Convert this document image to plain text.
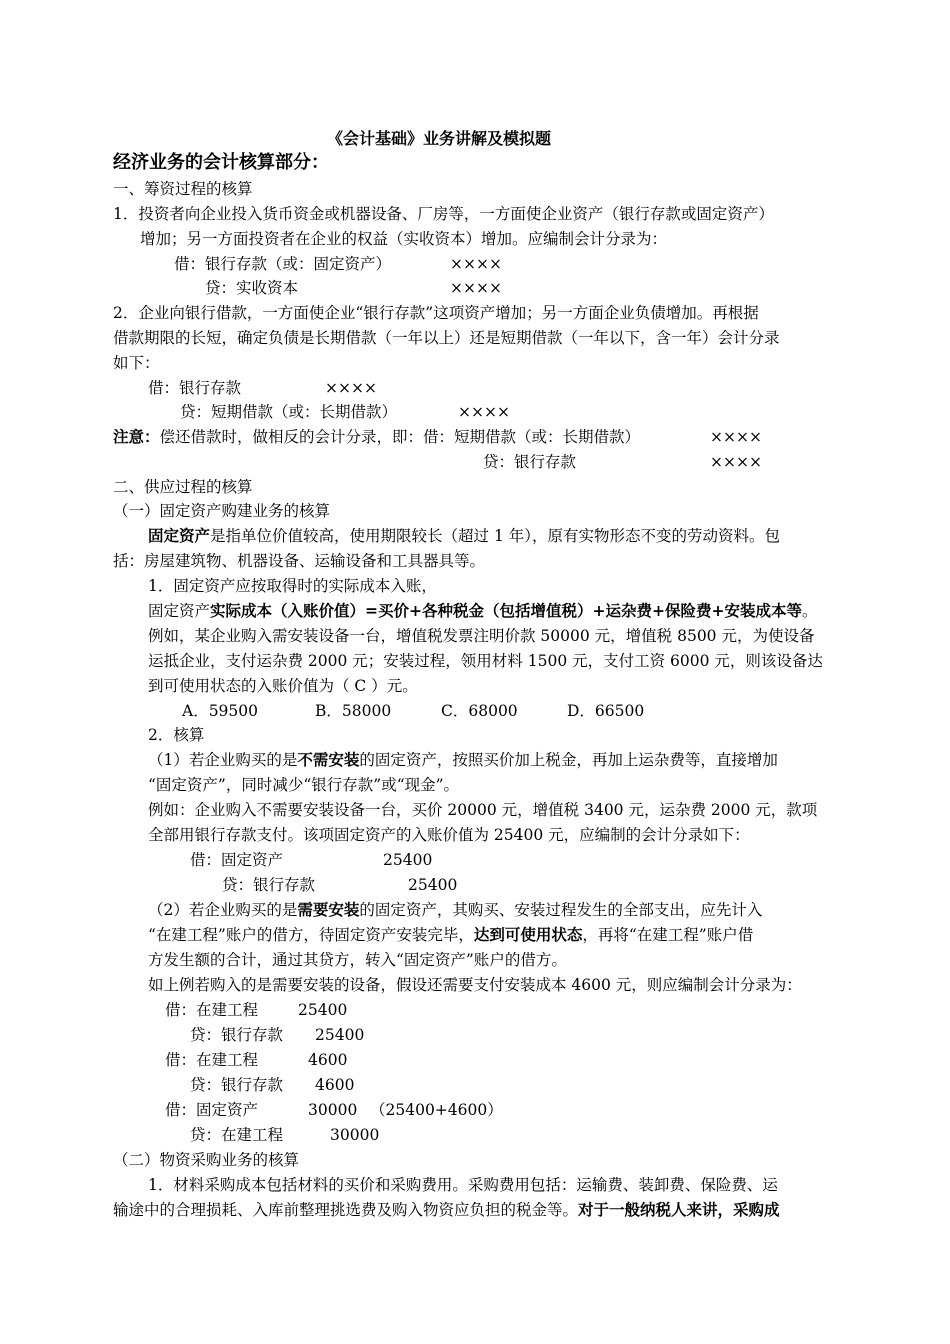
《会计基础》业务讲解及模拟题
经济业务的会计核算部分：
一、筹资过程的核算
1．投资者向企业投入货币资金或机器设备、厂房等，一方面使企业资产（银行存款或固定资产）
增加；另一方面投资者在企业的权益（实收资本）增加。应编制会计分录为：
借：银行存款（或：固定资产）	××××
贷：实收资本	××××
2．企业向银行借款，一方面使企业“银行存款”这项资产增加；另一方面企业负债增加。再根据
借款期限的长短，确定负债是长期借款（一年以上）还是短期借款（一年以下，含一年）会计分录
如下：
借：银行存款	××××
贷：短期借款（或：长期借款）	××××
注意：偿还借款时，做相反的会计分录，即：借：短期借款（或：长期借款）	××××
贷：银行存款	××××
二、供应过程的核算
（一）固定资产购建业务的核算
固定资产是指单位价值较高，使用期限较长（超过 1 年），原有实物形态不变的劳动资料。包
括：房屋建筑物、机器设备、运输设备和工具器具等。
1．固定资产应按取得时的实际成本入账，
固定资产实际成本（入账价值）=买价+各种税金（包括增值税）+运杂费+保险费+安装成本等。
例如，某企业购入需安装设备一台，增值税发票注明价款 50000 元，增值税 8500 元，为使设备
运抵企业，支付运杂费 2000 元；安装过程，领用材料 1500 元，支付工资 6000 元，则该设备达
到可使用状态的入账价值为（ C ）元。
A．59500	B．58000	C．68000	D．66500
2．核算
（1）若企业购买的是不需安装的固定资产，按照买价加上税金，再加上运杂费等，直接增加
“固定资产”，同时减少“银行存款”或“现金”。
例如：企业购入不需要安装设备一台，买价 20000 元，增值税 3400 元，运杂费 2000 元，款项
全部用银行存款支付。该项固定资产的入账价值为 25400 元，应编制的会计分录如下：
借：固定资产	25400
贷：银行存款	25400
（2）若企业购买的是需要安装的固定资产，其购买、安装过程发生的全部支出，应先计入
“在建工程”账户的借方，待固定资产安装完毕，达到可使用状态，再将“在建工程”账户借
方发生额的合计，通过其贷方，转入“固定资产”账户的借方。
如上例若购入的是需要安装的设备，假设还需要支付安装成本 4600 元，则应编制会计分录为：
借：在建工程	25400
贷：银行存款 25400
借：在建工程	4600
贷：银行存款 4600
借：固定资产	30000 （25400+4600）
贷：在建工程	30000
（二）物资采购业务的核算
1．材料采购成本包括材料的买价和采购费用。采购费用包括：运输费、装卸费、保险费、运
输途中的合理损耗、入库前整理挑选费及购入物资应负担的税金等。对于一般纳税人来讲，采购成
